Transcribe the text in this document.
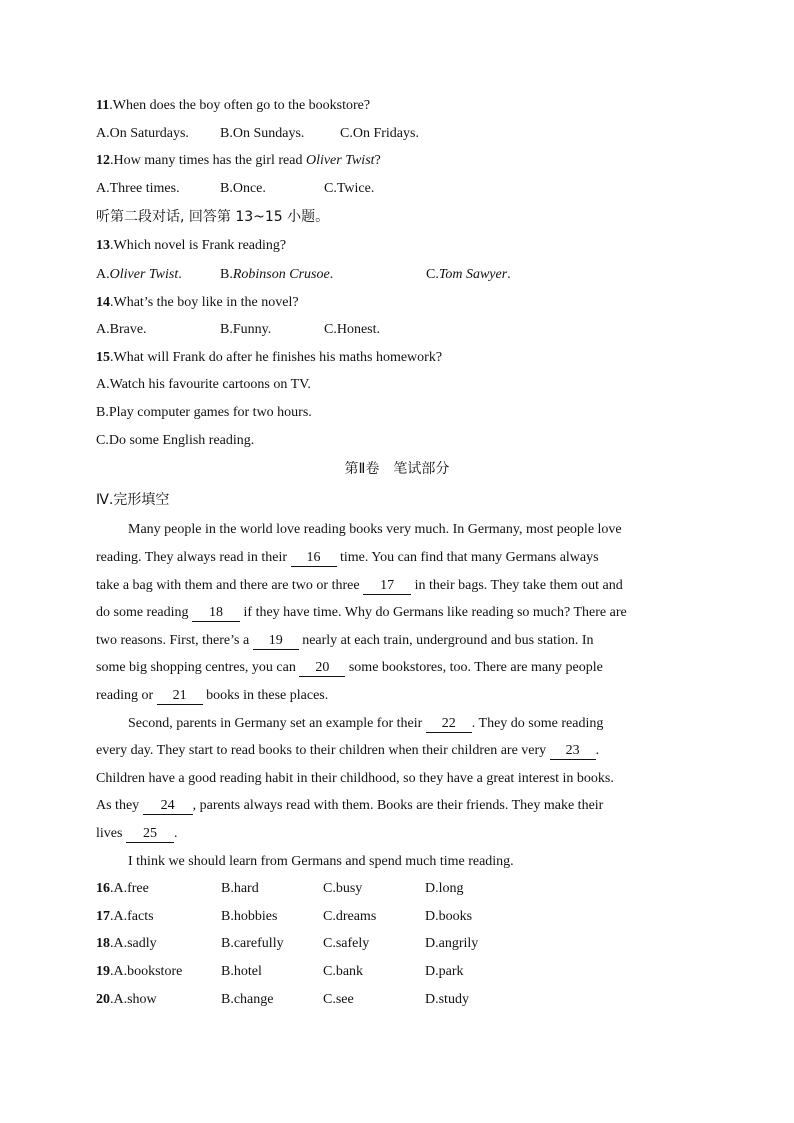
11.When does the boy often go to the bookstore?
A.On Saturdays. B.On Sundays.	C.On Fridays.
12.How many times has the girl read Oliver Twist?
A.Three times.	B.Once.	C.Twice.
听第二段对话, 回答第 13~15 小题。
13.Which novel is Frank reading?
A.Oliver Twist.	B.Robinson Crusoe.	C.Tom Sawyer.
14.What’s the boy like in the novel?
A.Brave.	B.Funny.	C.Honest.
15.What will Frank do after he finishes his maths homework?
A.Watch his favourite cartoons on TV.
B.Play computer games for two hours.
C.Do some English reading.
第Ⅱ卷　笔试部分
Ⅳ.完形填空
Many people in the world love reading books very much. In Germany, most people love
reading. They always read in their 16 time. You can find that many Germans always
take a bag with them and there are two or three 17 in their bags. They take them out and
do some reading 18 if they have time. Why do Germans like reading so much? There are
two reasons. First, there’s a 19 nearly at each train, underground and bus station. In
some big shopping centres, you can 20 some bookstores, too. There are many people
reading or 21 books in these places.
Second, parents in Germany set an example for their 22 . They do some reading
every day. They start to read books to their children when their children are very 23 .
Children have a good reading habit in their childhood, so they have a great interest in books.
As they 24 , parents always read with them. Books are their friends. They make their
lives 25 .
I think we should learn from Germans and spend much time reading.
16.A.free	B.hard	C.busy	D.long
17.A.facts	B.hobbies	C.dreams	D.books
18.A.sadly	B.carefully	C.safely	D.angrily
19.A.bookstore	B.hotel	C.bank	D.park
20.A.show	B.change	C.see	D.study
